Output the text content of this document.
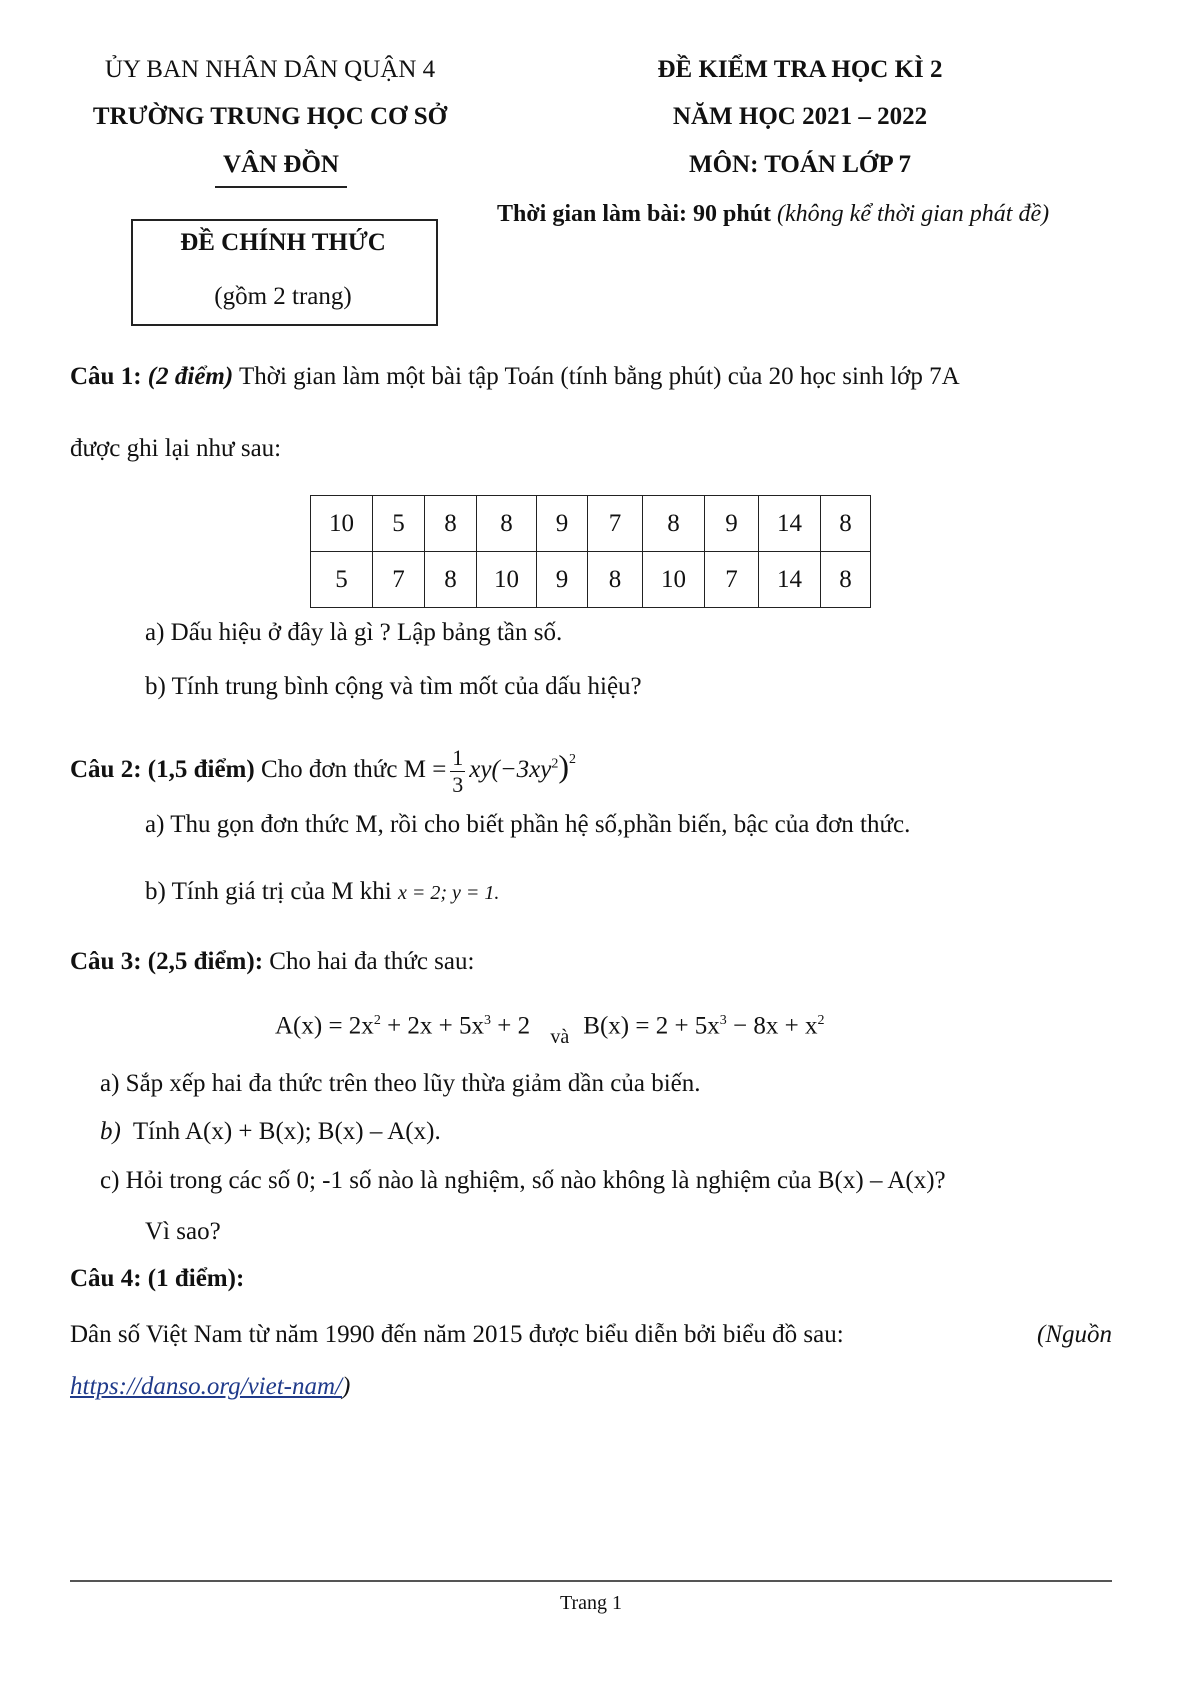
ỦY BAN NHÂN DÂN QUẬN 4
TRƯỜNG TRUNG HỌC CƠ SỞ
VÂN ĐỒN
ĐỀ KIỂM TRA HỌC KÌ 2
NĂM HỌC 2021 – 2022
MÔN: TOÁN LỚP 7
Thời gian làm bài: 90 phút (không kể thời gian phát đề)
ĐỀ CHÍNH THỨC
(gồm 2 trang)
Câu 1: (2 điểm) Thời gian làm một bài tập Toán (tính bằng phút) của 20 học sinh lớp 7A
được ghi lại như sau:
10	5	8	8	9	7	8	9	14	8
5	7	8	10	9	8	10	7	14	8
a) Dấu hiệu ở đây là gì ? Lập bảng tần số.
b) Tính trung bình cộng và tìm mốt của dấu hiệu?
Câu 2: (1,5 điểm) Cho đơn thức $M = \frac{1}{3} xy(-3xy^2)^2$
a) Thu gọn đơn thức M, rồi cho biết phần hệ số,phần biến, bậc của đơn thức.
b) Tính giá trị của M khi x = 2; y = 1.
Câu 3: (2,5 điểm): Cho hai đa thức sau:
$A(x) = 2x^2 + 2x + 5x^3 + 2$ $_{và}$ $B(x) = 2 + 5x^3 - 8x + x^2$
a) Sắp xếp hai đa thức trên theo lũy thừa giảm dần của biến.
b) Tính A(x) + B(x); B(x) – A(x).
c) Hỏi trong các số 0; -1 số nào là nghiệm, số nào không là nghiệm của B(x) – A(x)?
Vì sao?
Câu 4: (1 điểm):
Dân số Việt Nam từ năm 1990 đến năm 2015 được biểu diễn bởi biểu đồ sau:	(Nguồn
https://danso.org/viet-nam/)
Trang 1
